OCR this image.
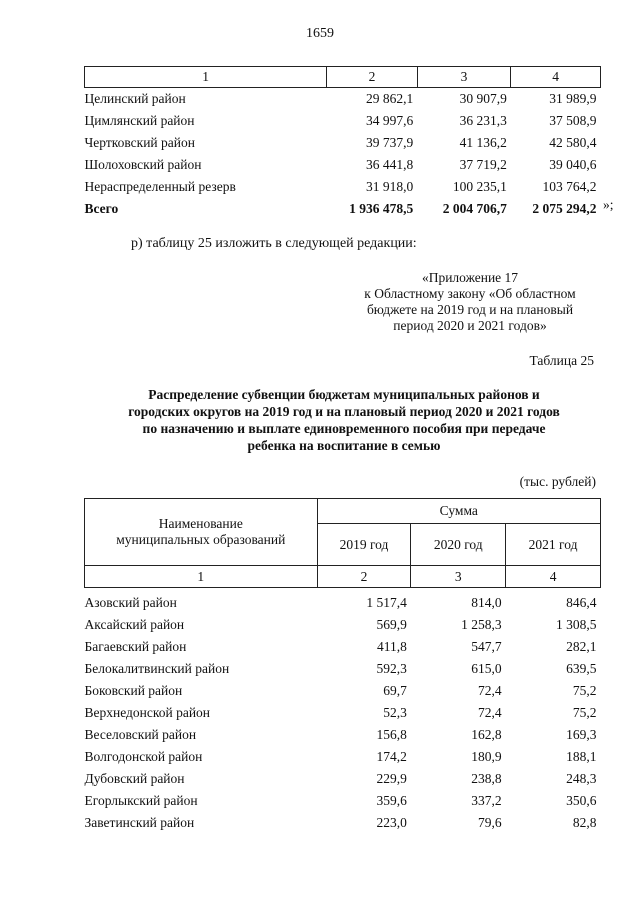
1659
1	2	3	4
Целинский район	29 862,1	30 907,9	31 989,9
Цимлянский район	34 997,6	36 231,3	37 508,9
Чертковский район	39 737,9	41 136,2	42 580,4
Шолоховский район	36 441,8	37 719,2	39 040,6
Нераспределенный резерв	31 918,0	100 235,1	103 764,2
Всего	1 936 478,5	2 004 706,7	2 075 294,2 »;
р) таблицу 25 изложить в следующей редакции:
«Приложение 17
к Областному закону «Об областном
бюджете на 2019 год и на плановый
период 2020 и 2021 годов»
Таблица 25
Распределение субвенции бюджетам муниципальных районов и
городских округов на 2019 год и на плановый период 2020 и 2021 годов
по назначению и выплате единовременного пособия при передаче
ребенка на воспитание в семью
(тыс. рублей)
Наименование
муниципальных образований	Сумма		
	2019 год	2020 год	2021 год
1	2	3	4

Азовский район	1 517,4	814,0	846,4
Аксайский район	569,9	1 258,3	1 308,5
Багаевский район	411,8	547,7	282,1
Белокалитвинский район	592,3	615,0	639,5
Боковский район	69,7	72,4	75,2
Верхнедонской район	52,3	72,4	75,2
Веселовский район	156,8	162,8	169,3
Волгодонской район	174,2	180,9	188,1
Дубовский район	229,9	238,8	248,3
Егорлыкский район	359,6	337,2	350,6
Заветинский район	223,0	79,6	82,8
